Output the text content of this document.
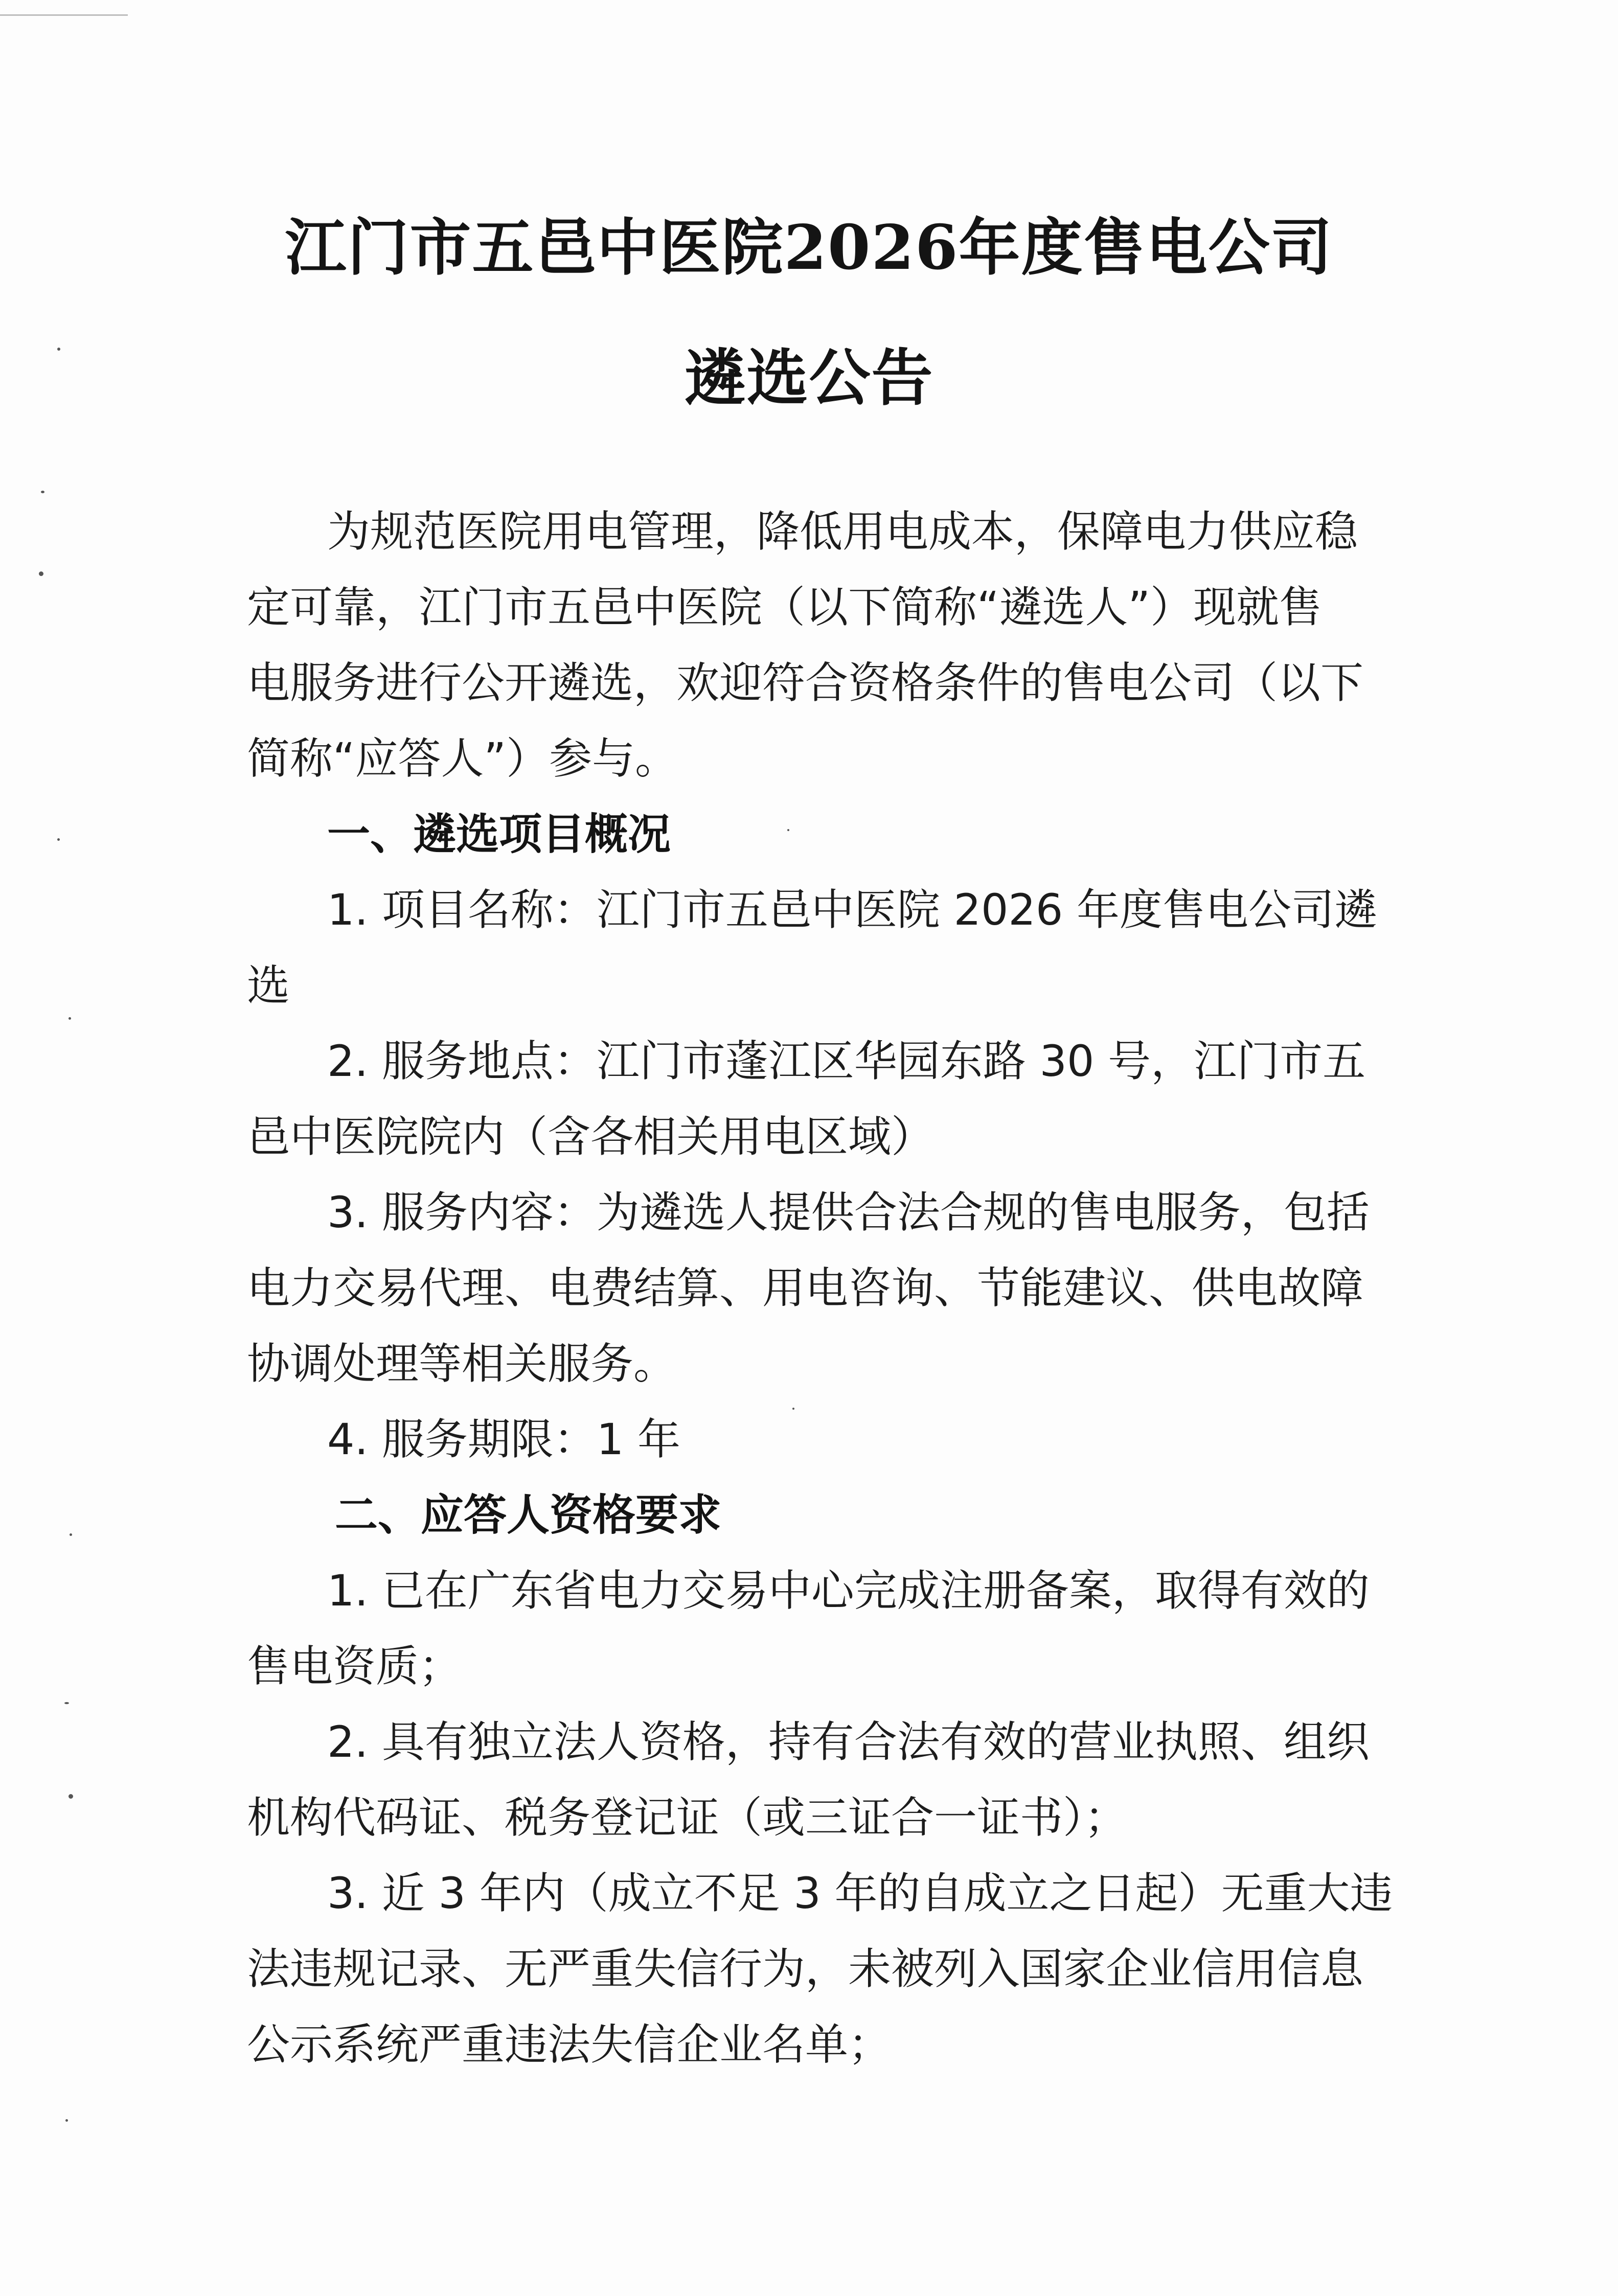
江门市五邑中医院2026年度售电公司
遴选公告
为规范医院用电管理，降低用电成本，保障电力供应稳
定可靠，江门市五邑中医院（以下简称“遴选人”）现就售
电服务进行公开遴选，欢迎符合资格条件的售电公司（以下
简称“应答人”）参与。
一、遴选项目概况
1. 项目名称：江门市五邑中医院 2026 年度售电公司遴
选
2. 服务地点：江门市蓬江区华园东路 30 号，江门市五
邑中医院院内（含各相关用电区域）
3. 服务内容：为遴选人提供合法合规的售电服务，包括
电力交易代理、电费结算、用电咨询、节能建议、供电故障
协调处理等相关服务。
4. 服务期限：1 年
二、应答人资格要求
1. 已在广东省电力交易中心完成注册备案，取得有效的
售电资质；
2. 具有独立法人资格，持有合法有效的营业执照、组织
机构代码证、税务登记证（或三证合一证书）；
3. 近 3 年内（成立不足 3 年的自成立之日起）无重大违
法违规记录、无严重失信行为，未被列入国家企业信用信息
公示系统严重违法失信企业名单；
